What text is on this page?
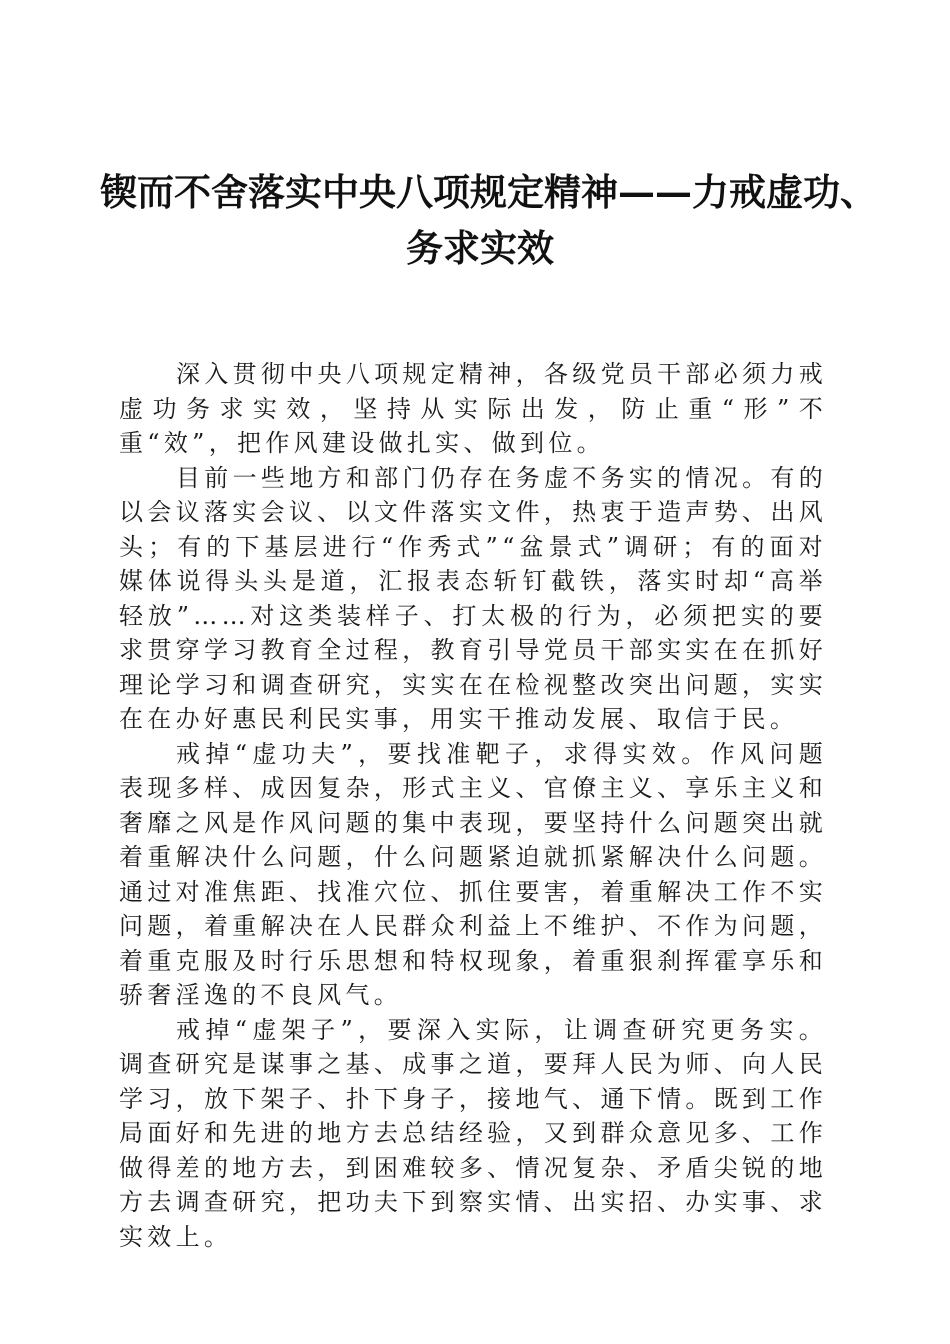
锲而不舍落实中央八项规定精神——力戒虚功、
务求实效

深入贯彻中央八项规定精神，各级党员干部必须力戒虚功务求实效，坚持从实际出发，防止重“形”不重“效”，把作风建设做扎实、做到位。

目前一些地方和部门仍存在务虚不务实的情况。有的以会议落实会议、以文件落实文件，热衷于造声势、出风头；有的下基层进行“作秀式”“盆景式”调研；有的面对媒体说得头头是道，汇报表态斩钉截铁，落实时却“高举轻放”……对这类装样子、打太极的行为，必须把实的要求贯穿学习教育全过程，教育引导党员干部实实在在抓好理论学习和调查研究，实实在在检视整改突出问题，实实在在办好惠民利民实事，用实干推动发展、取信于民。

戒掉“虚功夫”，要找准靶子，求得实效。作风问题表现多样、成因复杂，形式主义、官僚主义、享乐主义和奢靡之风是作风问题的集中表现，要坚持什么问题突出就着重解决什么问题，什么问题紧迫就抓紧解决什么问题。通过对准焦距、找准穴位、抓住要害，着重解决工作不实问题，着重解决在人民群众利益上不维护、不作为问题，着重克服及时行乐思想和特权现象，着重狠刹挥霍享乐和骄奢淫逸的不良风气。

戒掉“虚架子”，要深入实际，让调查研究更务实。调查研究是谋事之基、成事之道，要拜人民为师、向人民学习，放下架子、扑下身子，接地气、通下情。既到工作局面好和先进的地方去总结经验，又到群众意见多、工作做得差的地方去，到困难较多、情况复杂、矛盾尖锐的地方去调查研究，把功夫下到察实情、出实招、办实事、求实效上。
